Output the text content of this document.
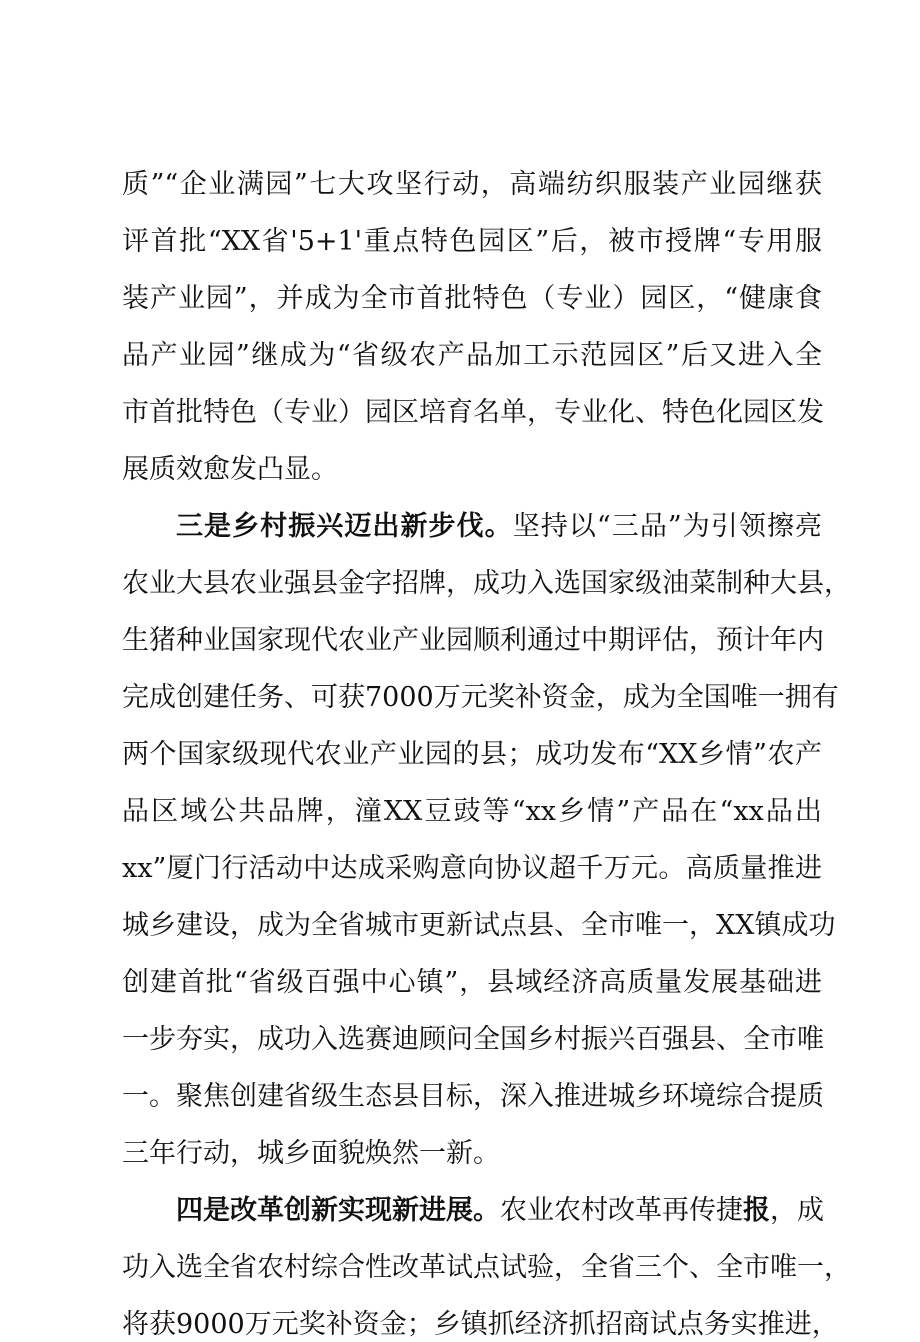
质”“企业满园”七大攻坚行动，高端纺织服装产业园继获
评首批“XX省'5+1'重点特色园区”后，被市授牌“专用服
装产业园”，并成为全市首批特色（专业）园区，“健康食
品产业园”继成为“省级农产品加工示范园区”后又进入全
市首批特色（专业）园区培育名单，专业化、特色化园区发
展质效愈发凸显。
三是乡村振兴迈出新步伐。坚持以“三品”为引领擦亮
农业大县农业强县金字招牌，成功入选国家级油菜制种大县，
生猪种业国家现代农业产业园顺利通过中期评估，预计年内
完成创建任务、可获7000万元奖补资金，成为全国唯一拥有
两个国家级现代农业产业园的县；成功发布“XX乡情”农产
品区域公共品牌，潼XX豆豉等“xx乡情”产品在“xx品出
xx”厦门行活动中达成采购意向协议超千万元。高质量推进
城乡建设，成为全省城市更新试点县、全市唯一，XX镇成功
创建首批“省级百强中心镇”，县域经济高质量发展基础进
一步夯实，成功入选赛迪顾问全国乡村振兴百强县、全市唯
一。聚焦创建省级生态县目标，深入推进城乡环境综合提质
三年行动，城乡面貌焕然一新。
四是改革创新实现新进展。农业农村改革再传捷报，成
功入选全省农村综合性改革试点试验，全省三个、全市唯一，
将获9000万元奖补资金；乡镇抓经济抓招商试点务实推进，
